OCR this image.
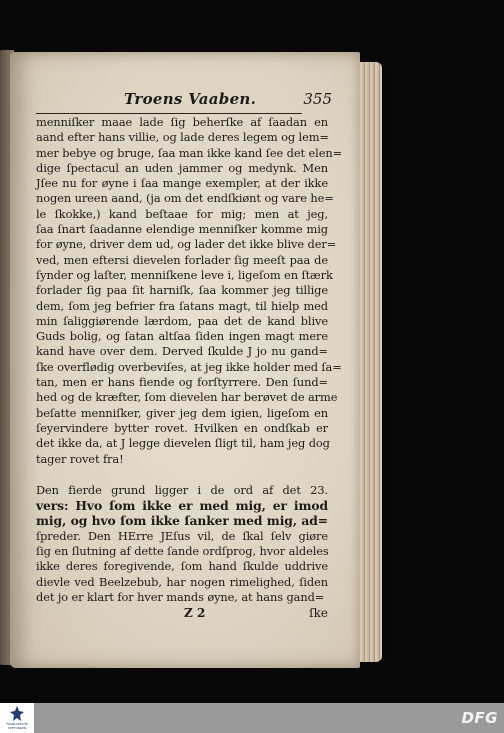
Troens Vaaben.	355
menniſker maae lade ſig beherſke af ſaadan en
aand efter hans villie, og lade deres legem og lem=
mer bebye og bruge, ſaa man ikke kand ſee det elen=
dige ſpectacul an uden jammer og medynk. Men
Jſee nu for øyne i ſaa mange exempler, at der ikke
nogen ureen aand, (ja om det endſkiønt og vare he=
le ſkokke,) kand beſtaae for mig; men at jeg,
ſaa ſnart ſaadanne elendige menniſker komme mig
for øyne, driver dem ud, og lader det ikke blive der=
ved, men eftersi dievelen forlader ſig meeſt paa de
ſynder og laſter, menniſkene leve i, ligeſom en ſtærk
forlader ſig paa ſit harniſk, ſaa kommer jeg tillige
dem, ſom jeg befrier fra ſatans magt, til hielp med
min ſaliggiørende lærdom, paa det de kand blive
Guds bolig, og ſatan altſaa ſiden ingen magt mere
kand have over dem. Derved ſkulde J jo nu gand=
ſke overflødig overbeviſes, at jeg ikke holder med ſa=
tan, men er hans fiende og forſtyrrere. Den ſund=
hed og de kræfter, ſom dievelen har berøvet de arme
beſatte menniſker, giver jeg dem igien, ligeſom en
ſeyervindere bytter rovet. Hvilken en ondſkab er
det ikke da, at J legge dievelen ſligt til, ham jeg dog
tager rovet fra!
Den fierde grund ligger i de ord af det 23.
vers: Hvo ſom ikke er med mig, er imod
mig, og hvo ſom ikke ſanker med mig, ad=
ſpreder. Den HErre JEſus vil, de ſkal ſelv giøre
ſig en ſlutning af dette ſande ordſprog, hvor aldeles
ikke deres foregivende, ſom hand ſkulde uddrive
dievle ved Beelzebub, har nogen rimelighed, ſiden
det jo er klart for hver mands øyne, at hans gand=
Z 2	ſke
FRANCKESCHE STIFTUNGEN
DFG
